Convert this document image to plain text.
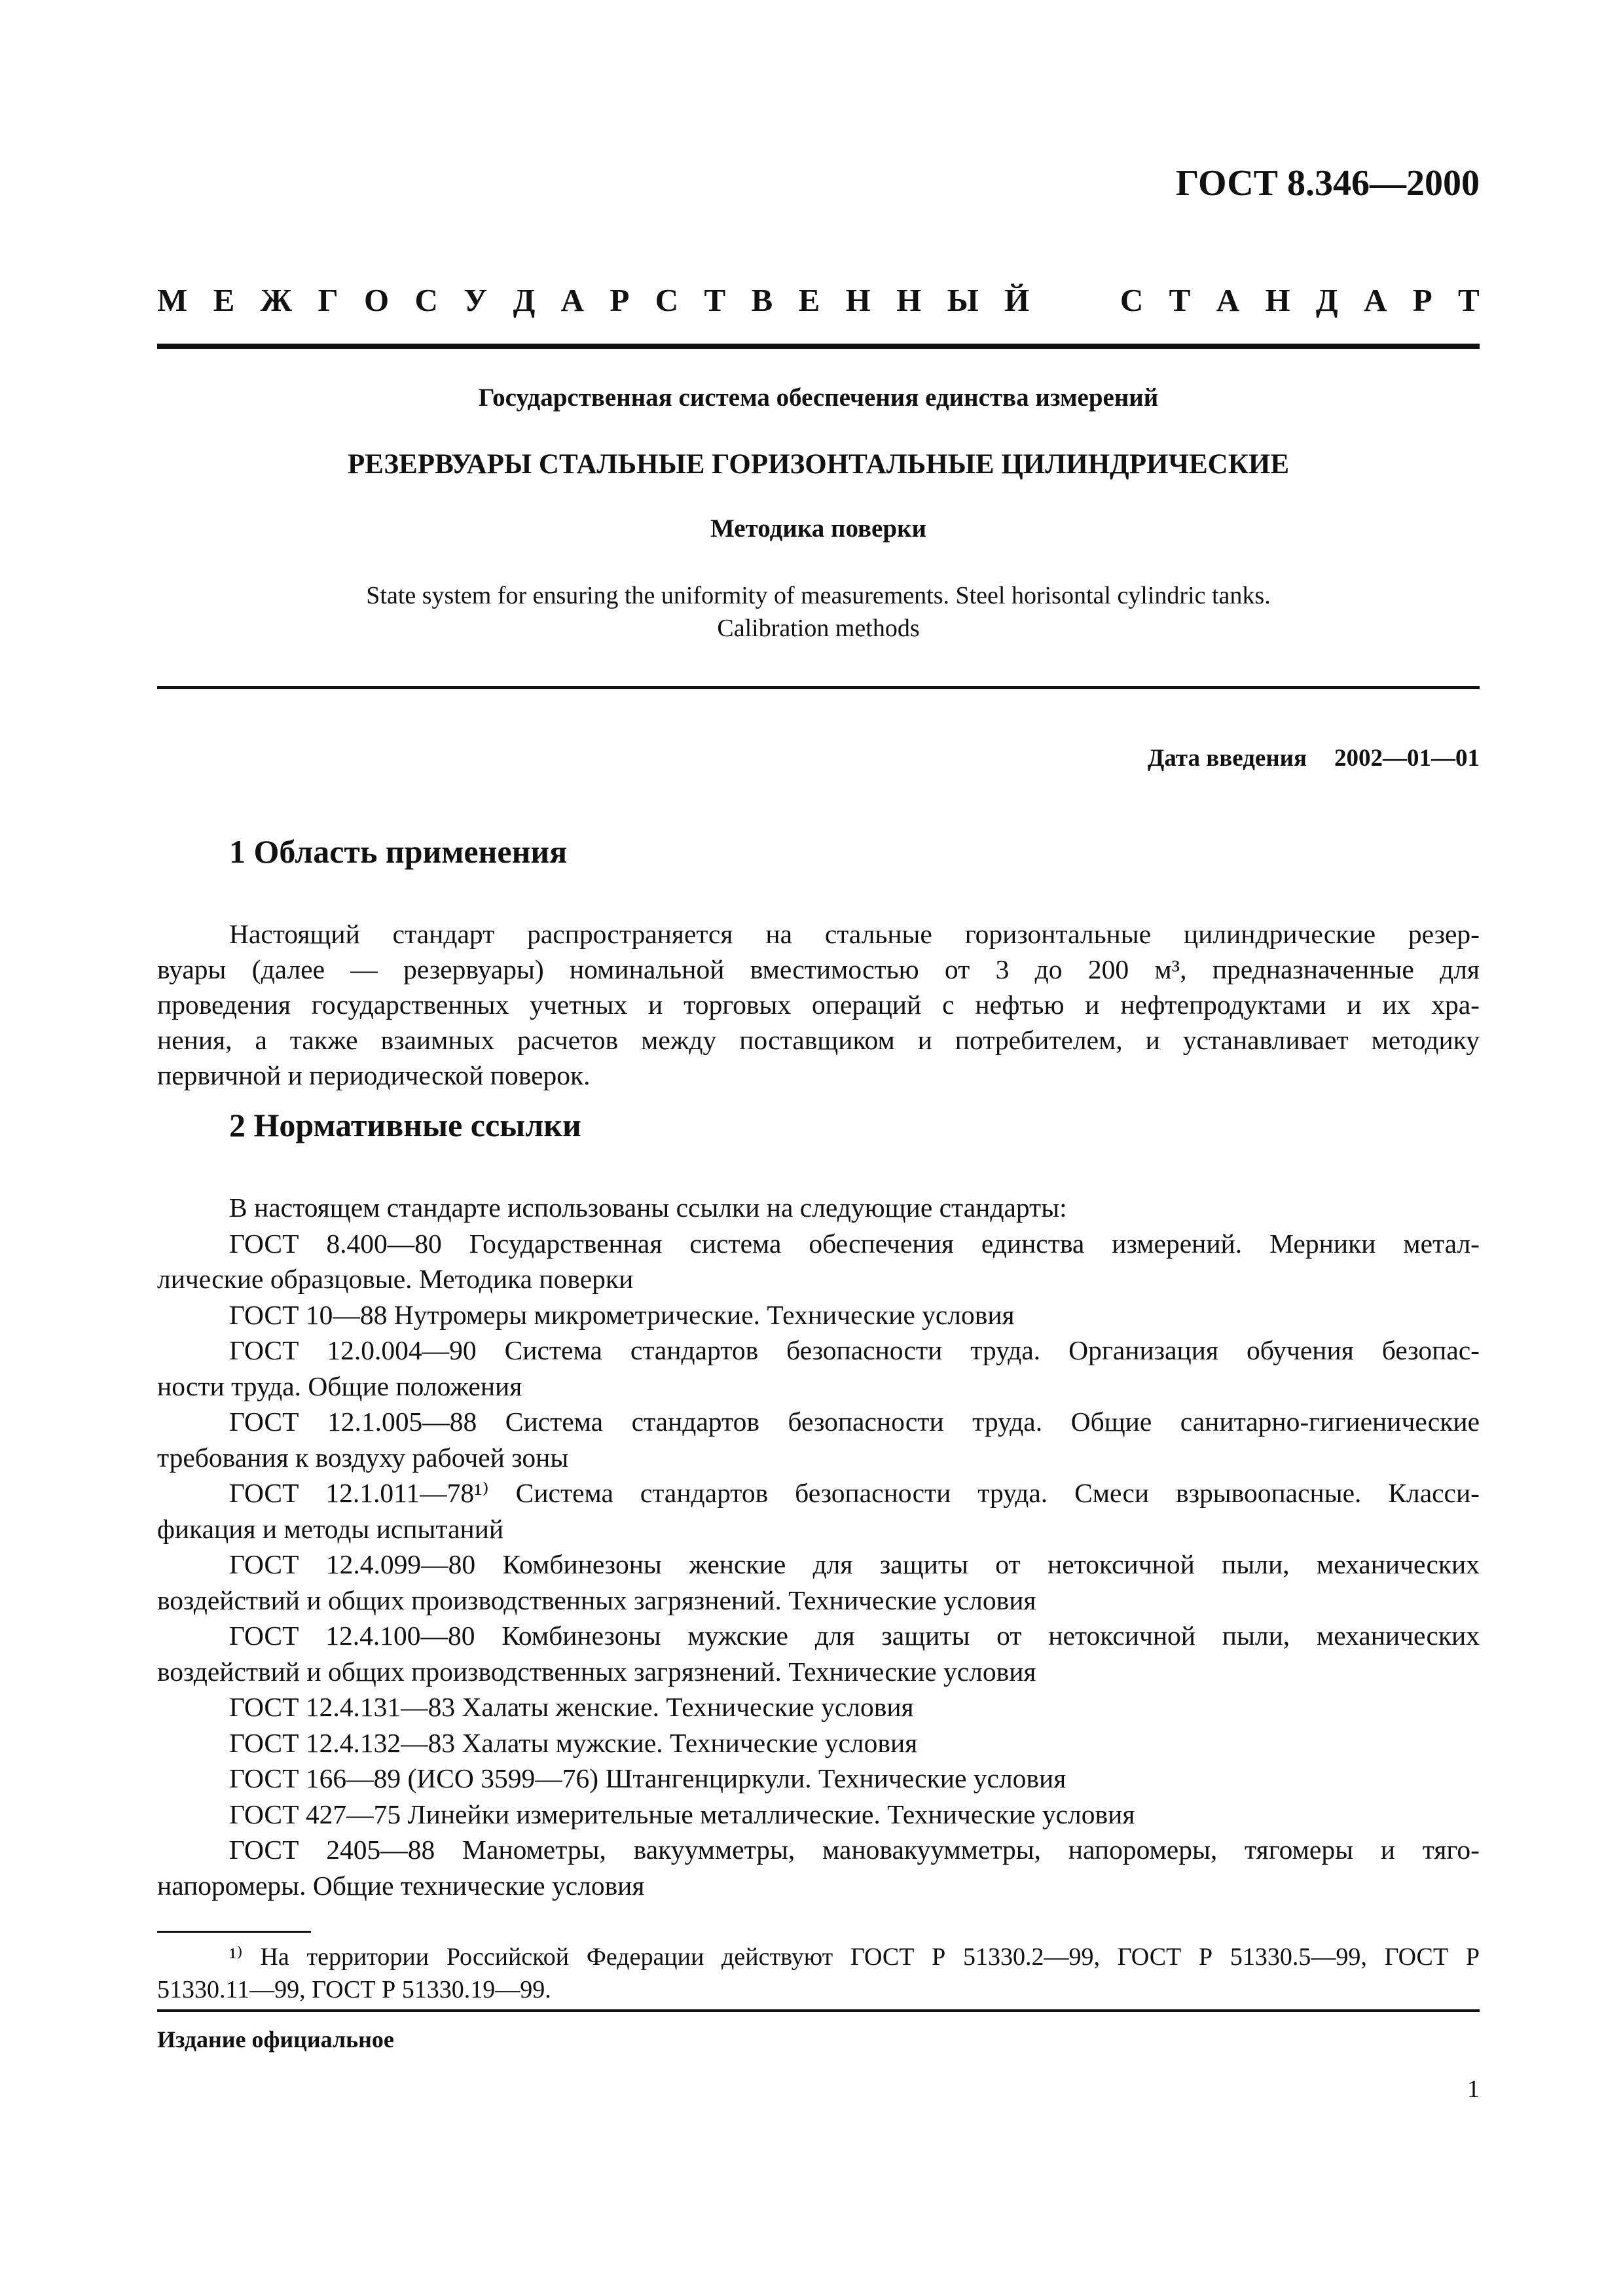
ГОСТ 8.346—2000
М Е Ж Г О С У Д А Р С Т В Е Н Н Ы Й	С Т А Н Д А Р Т
Государственная система обеспечения единства измерений
РЕЗЕРВУАРЫ СТАЛЬНЫЕ ГОРИЗОНТАЛЬНЫЕ ЦИЛИНДРИЧЕСКИЕ
Методика поверки
State system for ensuring the uniformity of measurements. Steel horisontal cylindric tanks.
Calibration methods
Дата введения 2002—01—01
1 Область применения
Настоящий стандарт распространяется на стальные горизонтальные цилиндрические резер-
вуары (далее — резервуары) номинальной вместимостью от 3 до 200 м³, предназначенные для
проведения государственных учетных и торговых операций с нефтью и нефтепродуктами и их хра-
нения, а также взаимных расчетов между поставщиком и потребителем, и устанавливает методику
первичной и периодической поверок.
2 Нормативные ссылки
В настоящем стандарте использованы ссылки на следующие стандарты:
ГОСТ 8.400—80 Государственная система обеспечения единства измерений. Мерники метал-
лические образцовые. Методика поверки
ГОСТ 10—88 Нутромеры микрометрические. Технические условия
ГОСТ 12.0.004—90 Система стандартов безопасности труда. Организация обучения безопас-
ности труда. Общие положения
ГОСТ 12.1.005—88 Система стандартов безопасности труда. Общие санитарно-гигиенические
требования к воздуху рабочей зоны
ГОСТ 12.1.011—78¹⁾ Система стандартов безопасности труда. Смеси взрывоопасные. Класси-
фикация и методы испытаний
ГОСТ 12.4.099—80 Комбинезоны женские для защиты от нетоксичной пыли, механических
воздействий и общих производственных загрязнений. Технические условия
ГОСТ 12.4.100—80 Комбинезоны мужские для защиты от нетоксичной пыли, механических
воздействий и общих производственных загрязнений. Технические условия
ГОСТ 12.4.131—83 Халаты женские. Технические условия
ГОСТ 12.4.132—83 Халаты мужские. Технические условия
ГОСТ 166—89 (ИСО 3599—76) Штангенциркули. Технические условия
ГОСТ 427—75 Линейки измерительные металлические. Технические условия
ГОСТ 2405—88 Манометры, вакуумметры, мановакуумметры, напоромеры, тягомеры и тяго-
напоромеры. Общие технические условия
¹⁾ На территории Российской Федерации действуют ГОСТ Р 51330.2—99, ГОСТ Р 51330.5—99, ГОСТ Р
51330.11—99, ГОСТ Р 51330.19—99.
Издание официальное
1
